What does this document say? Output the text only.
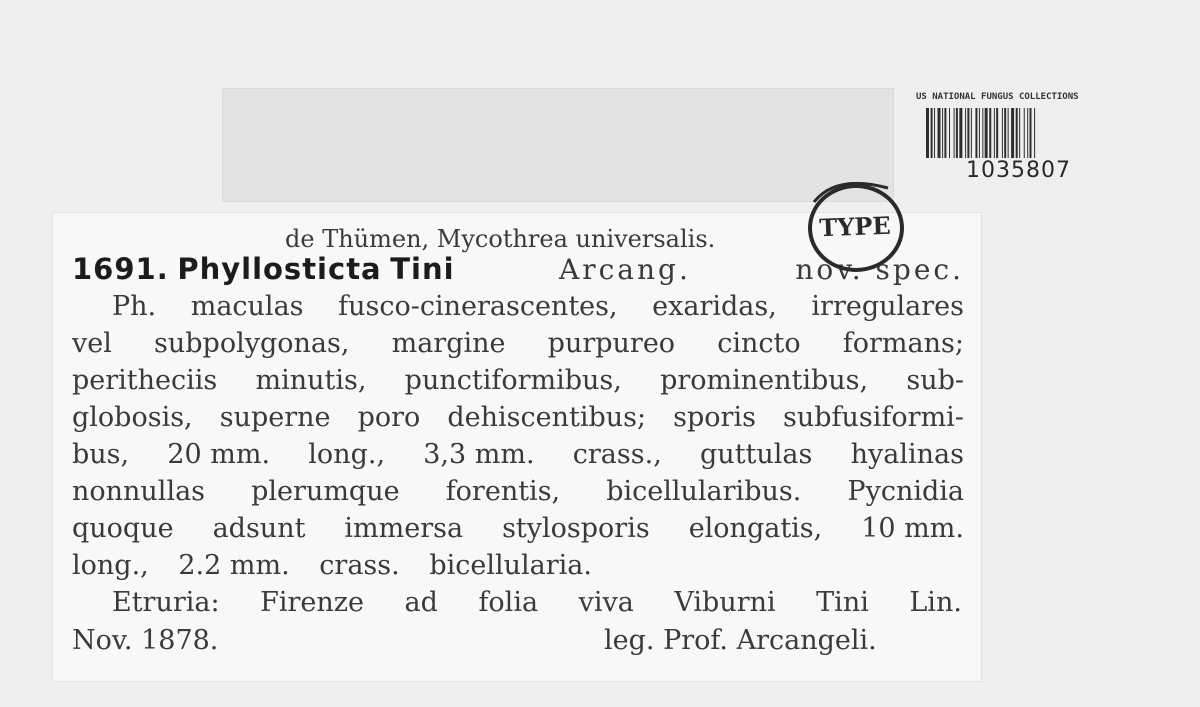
de Thümen, Mycothrea universalis.
1691. Phyllosticta Tini	Arcang.	nov. spec.
Ph. maculas fusco-cinerascentes, exaridas, irregulares
vel subpolygonas, margine purpureo cincto formans;
peritheciis minutis, punctiformibus, prominentibus, sub-
globosis, superne poro dehiscentibus; sporis subfusiformi-
bus, 20 mm. long., 3,3 mm. crass., guttulas hyalinas
nonnullas plerumque forentis, bicellularibus. Pycnidia
quoque adsunt immersa stylosporis elongatis, 10 mm.
long., 2.2 mm. crass. bicellularia.
Etruria: Firenze ad folia viva Viburni Tini Lin.
Nov. 1878.	leg. Prof. Arcangeli.
US NATIONAL FUNGUS COLLECTIONS
1035807
TYPE
